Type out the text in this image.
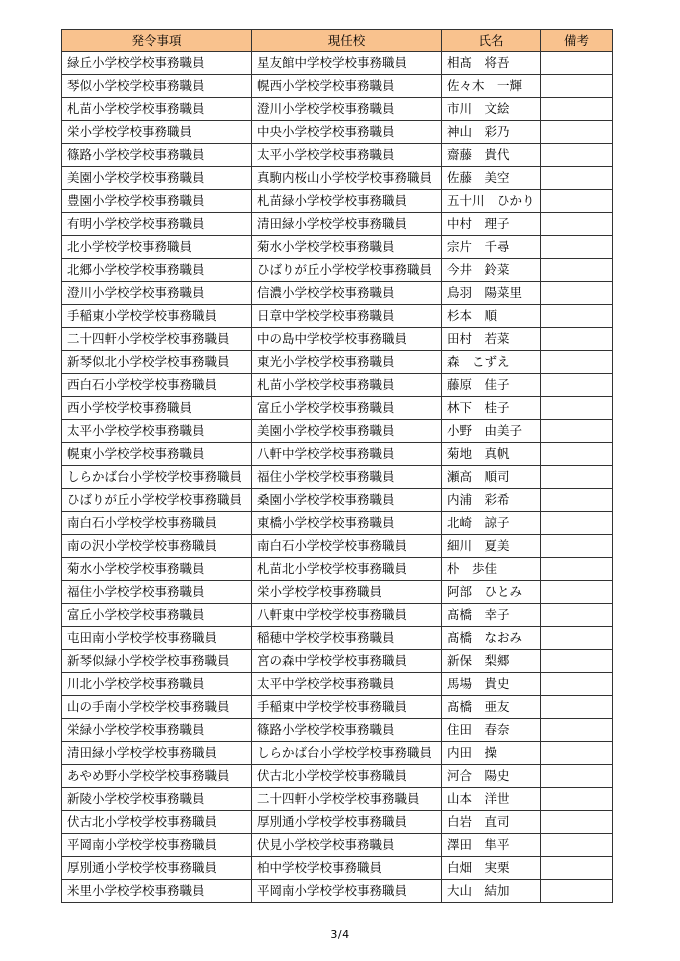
発令事項	現任校	氏名	備考
緑丘小学校学校事務職員	星友館中学校学校事務職員	相髙　将吾	
琴似小学校学校事務職員	幌西小学校学校事務職員	佐々木　一輝	
札苗小学校学校事務職員	澄川小学校学校事務職員	市川　文絵	
栄小学校学校事務職員	中央小学校学校事務職員	神山　彩乃	
篠路小学校学校事務職員	太平小学校学校事務職員	齋藤　貴代	
美園小学校学校事務職員	真駒内桜山小学校学校事務職員	佐藤　美空	
豊園小学校学校事務職員	札苗緑小学校学校事務職員	五十川　ひかり	
有明小学校学校事務職員	清田緑小学校学校事務職員	中村　理子	
北小学校学校事務職員	菊水小学校学校事務職員	宗片　千尋	
北郷小学校学校事務職員	ひばりが丘小学校学校事務職員	今井　鈴菜	
澄川小学校学校事務職員	信濃小学校学校事務職員	鳥羽　陽菜里	
手稲東小学校学校事務職員	日章中学校学校事務職員	杉本　順	
二十四軒小学校学校事務職員	中の島中学校学校事務職員	田村　若菜	
新琴似北小学校学校事務職員	東光小学校学校事務職員	森　こずえ	
西白石小学校学校事務職員	札苗小学校学校事務職員	藤原　佳子	
西小学校学校事務職員	富丘小学校学校事務職員	林下　桂子	
太平小学校学校事務職員	美園小学校学校事務職員	小野　由美子	
幌東小学校学校事務職員	八軒中学校学校事務職員	菊地　真帆	
しらかば台小学校学校事務職員	福住小学校学校事務職員	瀬高　順司	
ひばりが丘小学校学校事務職員	桑園小学校学校事務職員	内浦　彩希	
南白石小学校学校事務職員	東橋小学校学校事務職員	北崎　諒子	
南の沢小学校学校事務職員	南白石小学校学校事務職員	細川　夏美	
菊水小学校学校事務職員	札苗北小学校学校事務職員	朴　歩佳	
福住小学校学校事務職員	栄小学校学校事務職員	阿部　ひとみ	
富丘小学校学校事務職員	八軒東中学校学校事務職員	髙橋　幸子	
屯田南小学校学校事務職員	稲穂中学校学校事務職員	髙橋　なおみ	
新琴似緑小学校学校事務職員	宮の森中学校学校事務職員	新保　梨郷	
川北小学校学校事務職員	太平中学校学校事務職員	馬場　貴史	
山の手南小学校学校事務職員	手稲東中学校学校事務職員	髙橋　亜友	
栄緑小学校学校事務職員	篠路小学校学校事務職員	住田　春奈	
清田緑小学校学校事務職員	しらかば台小学校学校事務職員	内田　操	
あやめ野小学校学校事務職員	伏古北小学校学校事務職員	河合　陽史	
新陵小学校学校事務職員	二十四軒小学校学校事務職員	山本　洋世	
伏古北小学校学校事務職員	厚別通小学校学校事務職員	白岩　直司	
平岡南小学校学校事務職員	伏見小学校学校事務職員	澤田　隼平	
厚別通小学校学校事務職員	柏中学校学校事務職員	白畑　実栗	
米里小学校学校事務職員	平岡南小学校学校事務職員	大山　結加	
3/4
